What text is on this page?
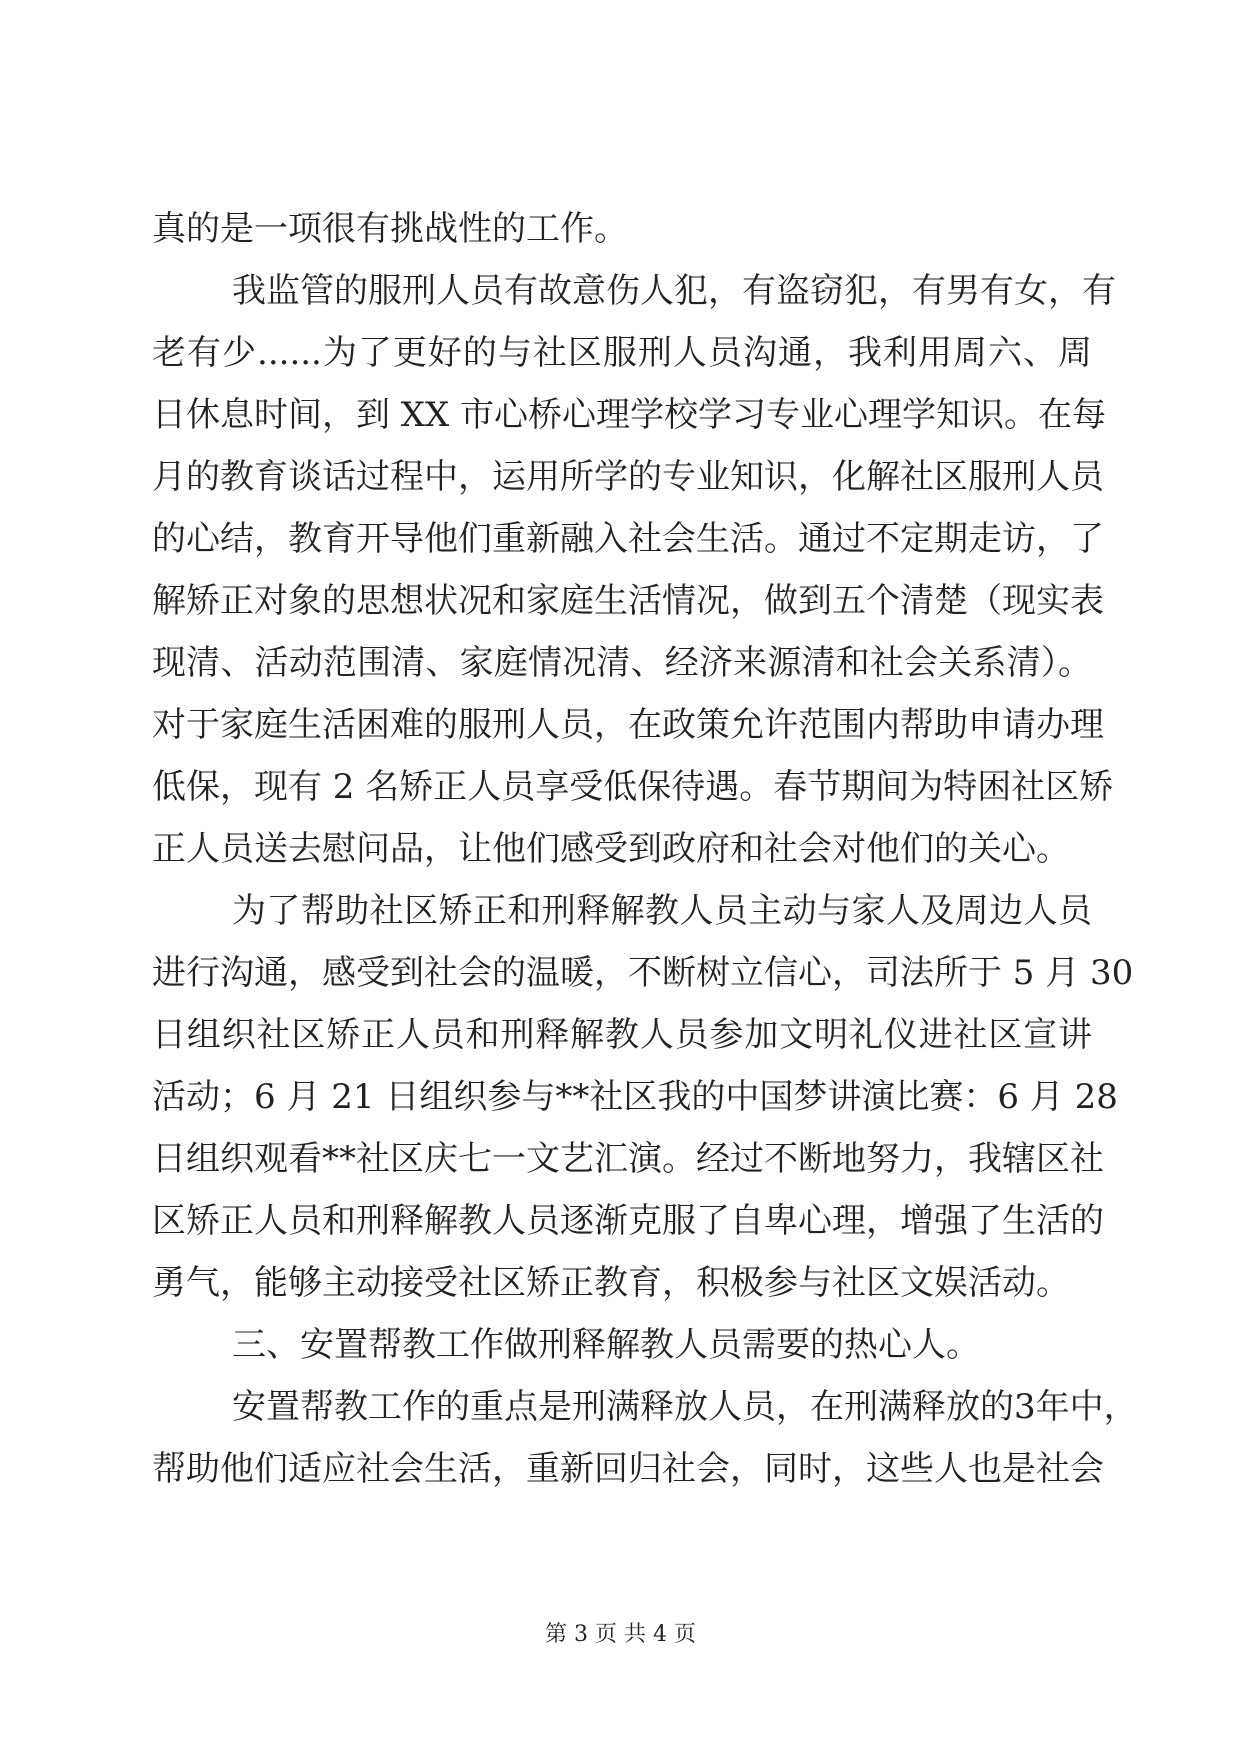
真的是一项很有挑战性的工作。
我监管的服刑人员有故意伤人犯，有盗窃犯，有男有女，有
老有少......为了更好的与社区服刑人员沟通，我利用周六、周
日休息时间，到 XX 市心桥心理学校学习专业心理学知识。在每
月的教育谈话过程中，运用所学的专业知识，化解社区服刑人员
的心结，教育开导他们重新融入社会生活。通过不定期走访，了
解矫正对象的思想状况和家庭生活情况，做到五个清楚（现实表
现清、活动范围清、家庭情况清、经济来源清和社会关系清）。
对于家庭生活困难的服刑人员，在政策允许范围内帮助申请办理
低保，现有 2 名矫正人员享受低保待遇。春节期间为特困社区矫
正人员送去慰问品，让他们感受到政府和社会对他们的关心。
为了帮助社区矫正和刑释解教人员主动与家人及周边人员
进行沟通，感受到社会的温暖，不断树立信心，司法所于 5 月 30
日组织社区矫正人员和刑释解教人员参加文明礼仪进社区宣讲
活动；6 月 21 日组织参与**社区我的中国梦讲演比赛：6 月 28
日组织观看**社区庆七一文艺汇演。经过不断地努力，我辖区社
区矫正人员和刑释解教人员逐渐克服了自卑心理，增强了生活的
勇气，能够主动接受社区矫正教育，积极参与社区文娱活动。
三、安置帮教工作做刑释解教人员需要的热心人。
安置帮教工作的重点是刑满释放人员，在刑满释放的3年中，
帮助他们适应社会生活，重新回归社会，同时，这些人也是社会
第 3 页 共 4 页
